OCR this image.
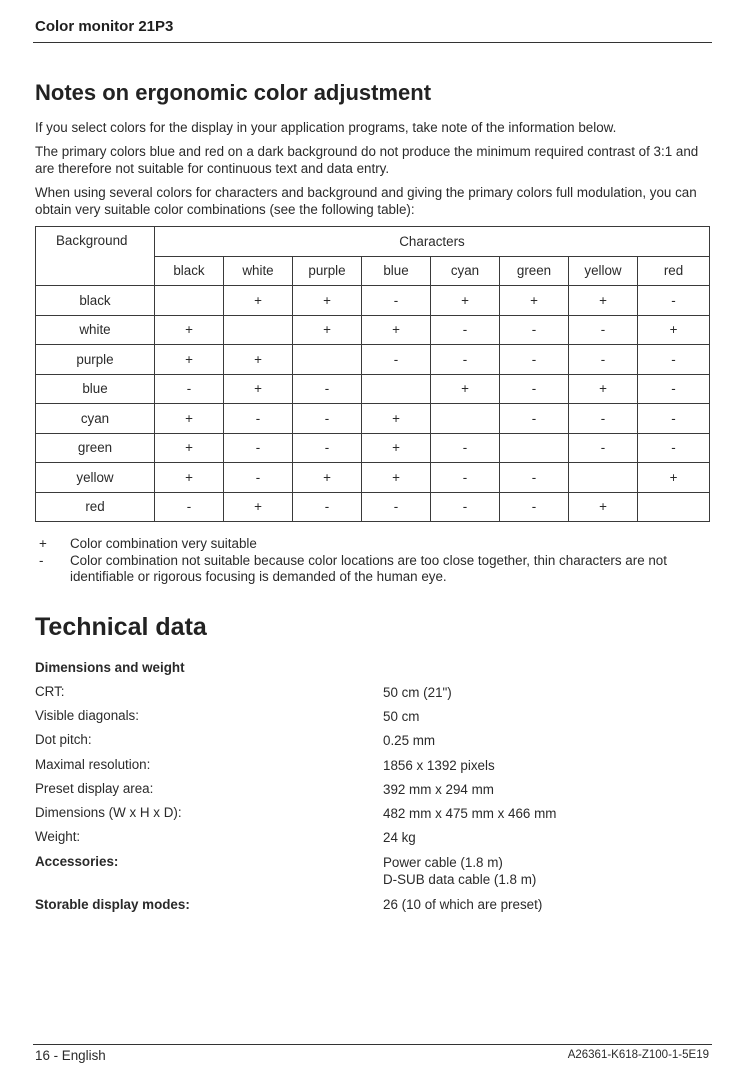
Color monitor 21P3
Notes on ergonomic color adjustment
If you select colors for the display in your application programs, take note of the information below.
The primary colors blue and red on a dark background do not produce the minimum required contrast of 3:1 and are therefore not suitable for continuous text and data entry.
When using several colors for characters and background and giving the primary colors full modulation, you can obtain very suitable color combinations (see the following table):
Background	Characters							
	black	white	purple	blue	cyan	green	yellow	red
black		+	+	-	+	+	+	-
white	+		+	+	-	-	-	+
purple	+	+		-	-	-	-	-
blue	-	+	-		+	-	+	-
cyan	+	-	-	+		-	-	-
green	+	-	-	+	-		-	-
yellow	+	-	+	+	-	-		+
red	-	+	-	-	-	-	+	
+ Color combination very suitable
- Color combination not suitable because color locations are too close together, thin characters are not identifiable or rigorous focusing is demanded of the human eye.
Technical data
Dimensions and weight
CRT:	50 cm (21")
Visible diagonals:	50 cm
Dot pitch:	0.25 mm
Maximal resolution:	1856 x 1392 pixels
Preset display area:	392 mm x 294 mm
Dimensions (W x H x D):	482 mm x 475 mm x 466 mm
Weight:	24 kg
Accessories:	Power cable (1.8 m)
D-SUB data cable (1.8 m)
Storable display modes:	26 (10 of which are preset)
16 - English	A26361-K618-Z100-1-5E19
